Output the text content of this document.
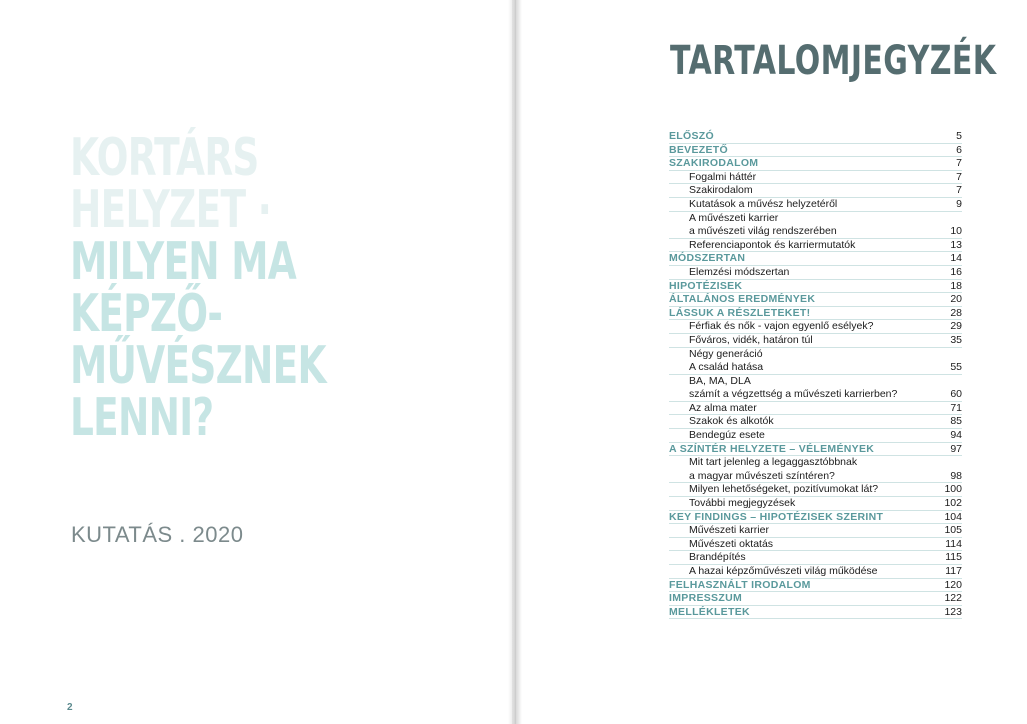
KORTÁRS
HELYZET ·
MILYEN MA
KÉPZŐ-
MŰVÉSZNEK
LENNI?
KUTATÁS . 2020
2
TARTALOMJEGYZÉK
ELŐSZÓ	5
BEVEZETŐ	6
SZAKIRODALOM	7
Fogalmi háttér	7
Szakirodalom	7
Kutatások a művész helyzetéről	9
A művészeti karrier
a művészeti világ rendszerében	10
Referenciapontok és karriermutatók	13
MÓDSZERTAN	14
Elemzési módszertan	16
HIPOTÉZISEK	18
ÁLTALÁNOS EREDMÉNYEK	20
LÁSSUK A RÉSZLETEKET!	28
Férfiak és nők - vajon egyenlő esélyek?	29
Főváros, vidék, határon túl	35
Négy generáció
A család hatása	55
BA, MA, DLA
számít a végzettség a művészeti karrierben?	60
Az alma mater	71
Szakok és alkotók	85
Bendegúz esete	94
A SZÍNTÉR HELYZETE – VÉLEMÉNYEK	97
Mit tart jelenleg a legaggasztóbbnak
a magyar művészeti színtéren?	98
Milyen lehetőségeket, pozitívumokat lát?	100
További megjegyzések	102
KEY FINDINGS – HIPOTÉZISEK SZERINT	104
Művészeti karrier	105
Művészeti oktatás	114
Brandépítés	115
A hazai képzőművészeti világ működése	117
FELHASZNÁLT IRODALOM	120
IMPRESSZUM	122
MELLÉKLETEK	123
